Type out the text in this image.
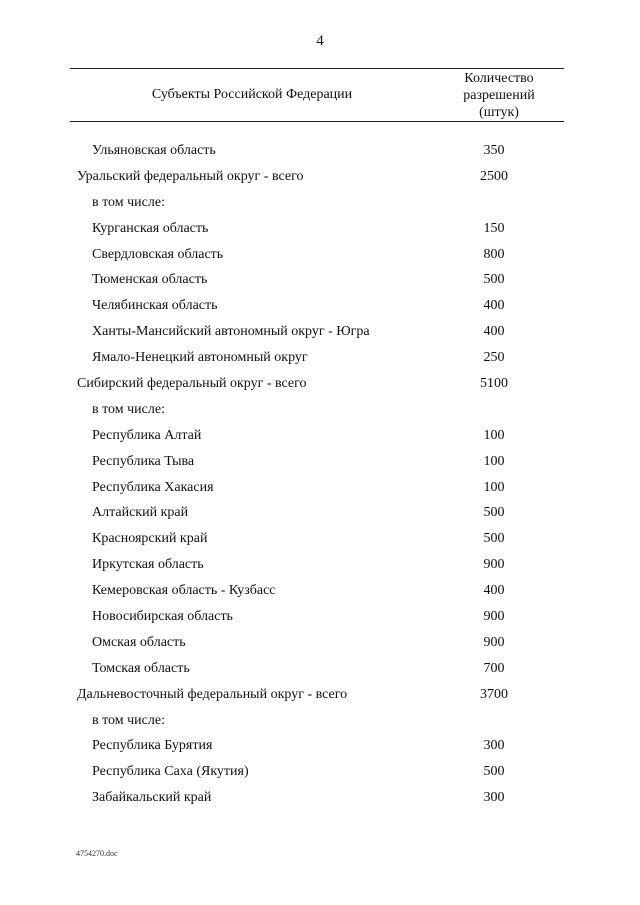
4
Субъекты Российской Федерации
Количество
разрешений
(штук)
Ульяновская область	350
Уральский федеральный округ - всего	2500
в том числе:
Курганская область	150
Свердловская область	800
Тюменская область	500
Челябинская область	400
Ханты-Мансийский автономный округ - Югра	400
Ямало-Ненецкий автономный округ	250
Сибирский федеральный округ - всего	5100
в том числе:
Республика Алтай	100
Республика Тыва	100
Республика Хакасия	100
Алтайский край	500
Красноярский край	500
Иркутская область	900
Кемеровская область - Кузбасс	400
Новосибирская область	900
Омская область	900
Томская область	700
Дальневосточный федеральный округ - всего	3700
в том числе:
Республика Бурятия	300
Республика Саха (Якутия)	500
Забайкальский край	300
4754270.doc
